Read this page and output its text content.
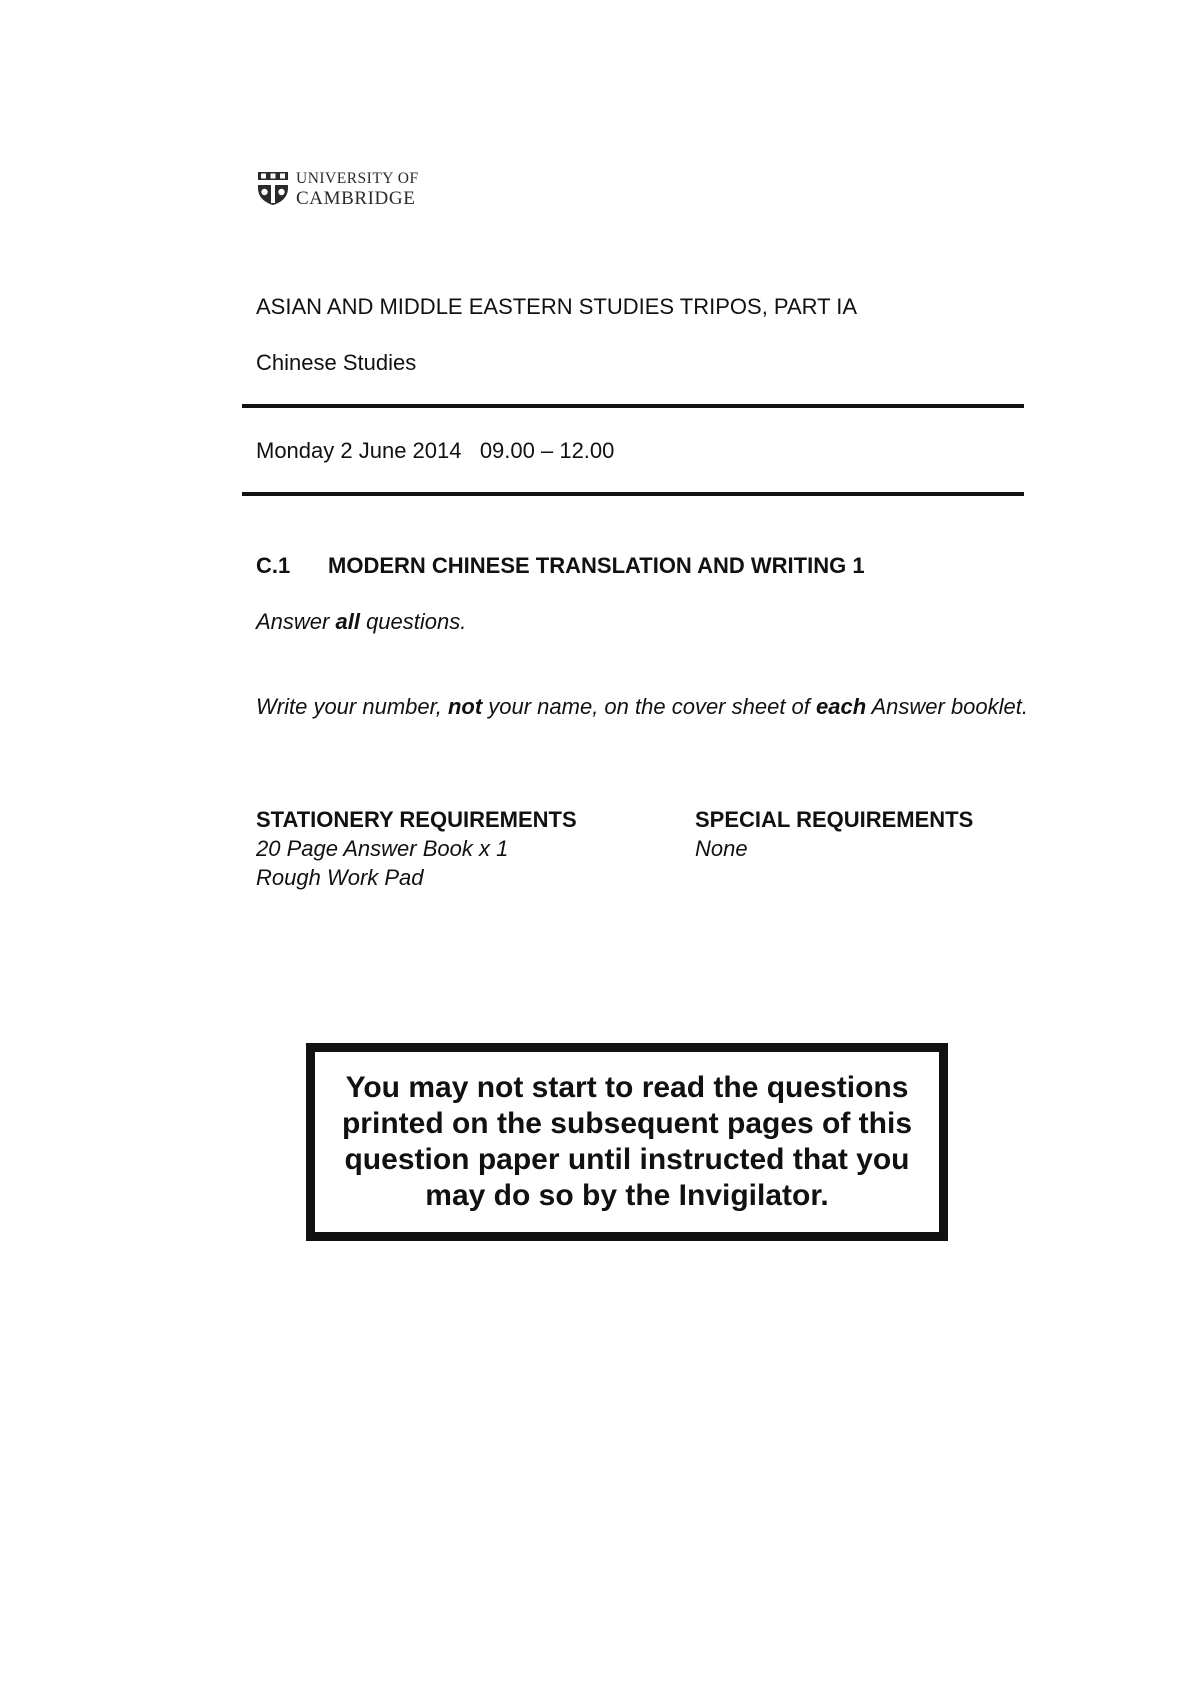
UNIVERSITY OF
CAMBRIDGE
ASIAN AND MIDDLE EASTERN STUDIES TRIPOS, PART IA
Chinese Studies
Monday 2 June 2014   09.00 – 12.00
C.1 MODERN CHINESE TRANSLATION AND WRITING 1
Answer all questions.
Write your number, not your name, on the cover sheet of each Answer booklet.
STATIONERY REQUIREMENTS
20 Page Answer Book x 1
Rough Work Pad
SPECIAL REQUIREMENTS
None
You may not start to read the questions printed on the subsequent pages of this question paper until instructed that you may do so by the Invigilator.
